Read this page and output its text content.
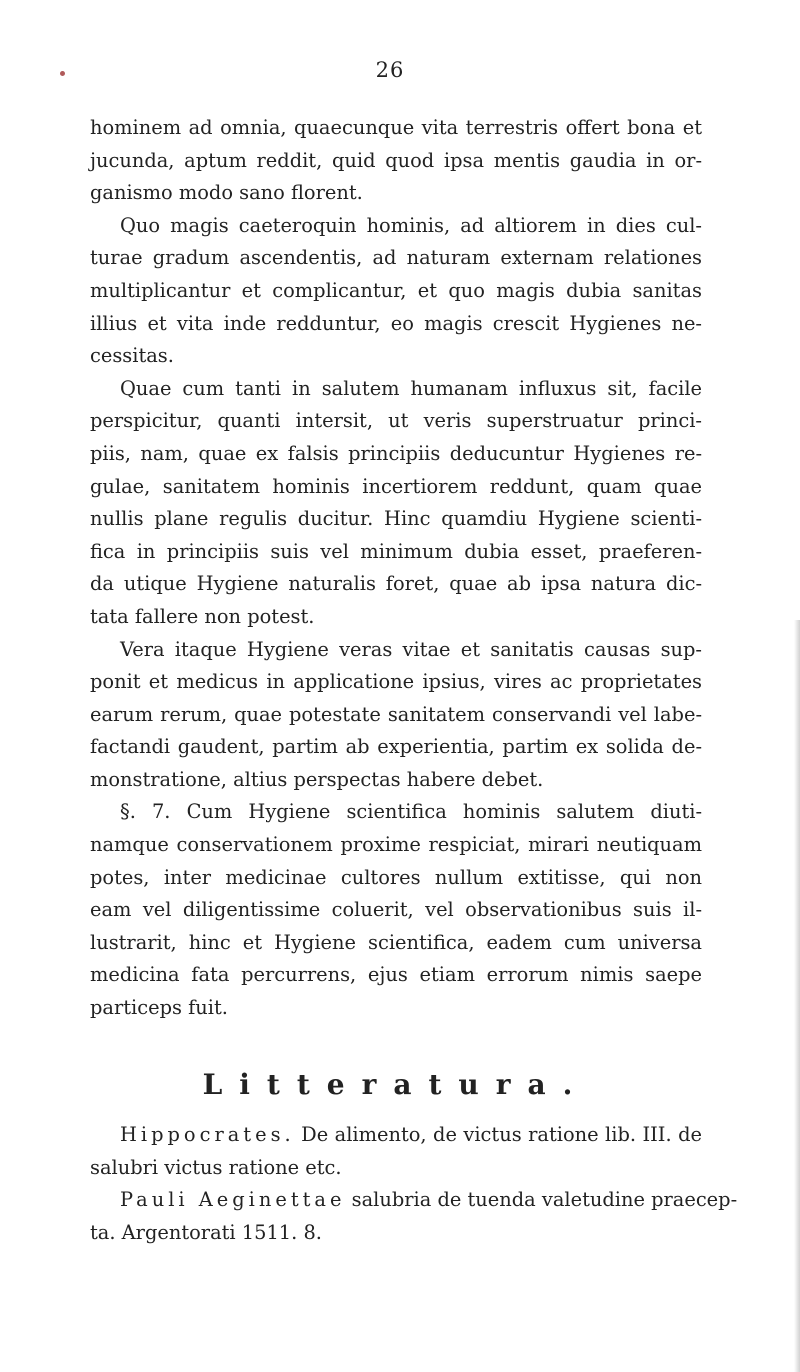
26
hominem ad omnia, quaecunque vita terrestris offert bona et
jucunda, aptum reddit, quid quod ipsa mentis gaudia in or-
ganismo modo sano florent.
Quo magis caeteroquin hominis, ad altiorem in dies cul-
turae gradum ascendentis, ad naturam externam relationes
multiplicantur et complicantur, et quo magis dubia sanitas
illius et vita inde redduntur, eo magis crescit Hygienes ne-
cessitas.
Quae cum tanti in salutem humanam influxus sit, facile
perspicitur, quanti intersit, ut veris superstruatur princi-
piis, nam, quae ex falsis principiis deducuntur Hygienes re-
gulae, sanitatem hominis incertiorem reddunt, quam quae
nullis plane regulis ducitur. Hinc quamdiu Hygiene scienti-
fica in principiis suis vel minimum dubia esset, praeferen-
da utique Hygiene naturalis foret, quae ab ipsa natura dic-
tata fallere non potest.
Vera itaque Hygiene veras vitae et sanitatis causas sup-
ponit et medicus in applicatione ipsius, vires ac proprietates
earum rerum, quae potestate sanitatem conservandi vel labe-
factandi gaudent, partim ab experientia, partim ex solida de-
monstratione, altius perspectas habere debet.
§. 7. Cum Hygiene scientifica hominis salutem diuti-
namque conservationem proxime respiciat, mirari neutiquam
potes, inter medicinae cultores nullum extitisse, qui non
eam vel diligentissime coluerit, vel observationibus suis il-
lustrarit, hinc et Hygiene scientifica, eadem cum universa
medicina fata percurrens, ejus etiam errorum nimis saepe
particeps fuit.
Litteratura.
Hippocrates. De alimento, de victus ratione lib. III. de
salubri victus ratione etc.
Pauli Aeginettae salubria de tuenda valetudine praecep-
ta. Argentorati 1511. 8.
